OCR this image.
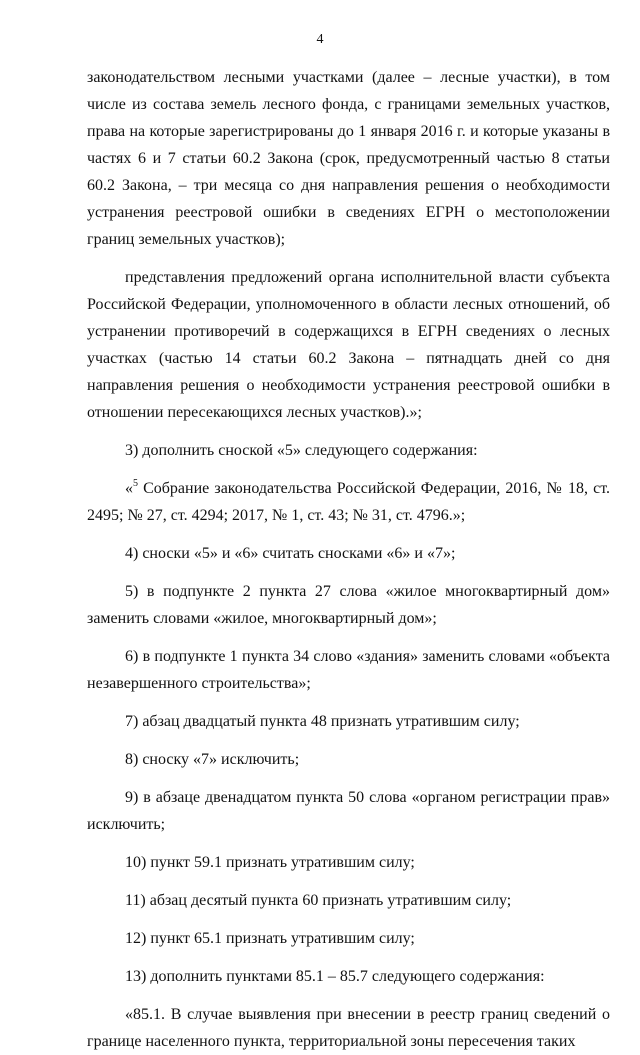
4

законодательством лесными участками (далее – лесные участки), в том числе из состава земель лесного фонда, с границами земельных участков, права на которые зарегистрированы до 1 января 2016 г. и которые указаны в частях 6 и 7 статьи 60.2 Закона (срок, предусмотренный частью 8 статьи 60.2 Закона, – три месяца со дня направления решения о необходимости устранения реестровой ошибки в сведениях ЕГРН о местоположении границ земельных участков);

представления предложений органа исполнительной власти субъекта Российской Федерации, уполномоченного в области лесных отношений, об устранении противоречий в содержащихся в ЕГРН сведениях о лесных участках (частью 14 статьи 60.2 Закона – пятнадцать дней со дня направления решения о необходимости устранения реестровой ошибки в отношении пересекающихся лесных участков).»;

3) дополнить сноской «5» следующего содержания:

«$^5$ Собрание законодательства Российской Федерации, 2016, № 18, ст. 2495; № 27, ст. 4294; 2017, № 1, ст. 43; № 31, ст. 4796.»;

4) сноски «5» и «6» считать сносками «6» и «7»;

5) в подпункте 2 пункта 27 слова «жилое многоквартирный дом» заменить словами «жилое, многоквартирный дом»;

6) в подпункте 1 пункта 34 слово «здания» заменить словами «объекта незавершенного строительства»;

7) абзац двадцатый пункта 48 признать утратившим силу;

8) сноску «7» исключить;

9) в абзаце двенадцатом пункта 50 слова «органом регистрации прав» исключить;

10) пункт 59.1 признать утратившим силу;

11) абзац десятый пункта 60 признать утратившим силу;

12) пункт 65.1 признать утратившим силу;

13) дополнить пунктами 85.1 – 85.7 следующего содержания:

«85.1. В случае выявления при внесении в реестр границ сведений о границе населенного пункта, территориальной зоны пересечения таких
